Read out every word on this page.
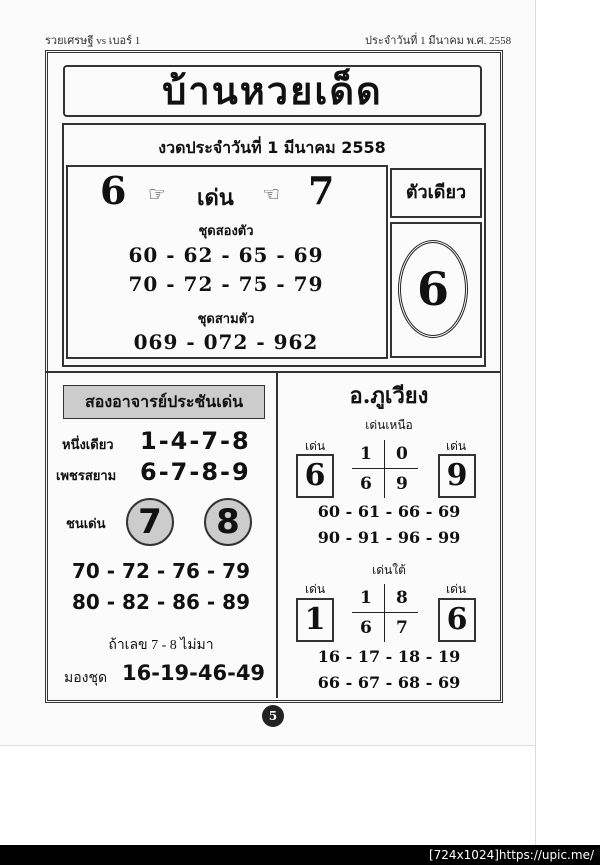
รวยเศรษฐี vs เบอร์ 1	ประจำวันที่ 1 มีนาคม พ.ศ. 2558
บ้านหวยเด็ด
งวดประจำวันที่ 1 มีนาคม 2558
6 ☞ เด่น ☞ 7
ชุดสองตัว
60 - 62 - 65 - 69
70 - 72 - 75 - 79
ชุดสามตัว
069 - 072 - 962
ตัวเดียว
6
สองอาจารย์ประชันเด่น
หนึ่งเดียว 1-4-7-8
เพชรสยาม 6-7-8-9
ชนเด่น 7	8
70 - 72 - 76 - 79
80 - 82 - 86 - 89
ถ้าเลข 7 - 8 ไม่มา
มองชุด 16-19-46-49
อ.ภูเวียง
เด่นเหนือ
เด่น	เด่น
6	9
1 0
6 9
60 - 61 - 66 - 69
90 - 91 - 96 - 99
เด่นใต้
เด่น	เด่น
1	6
1 8
6 7
16 - 17 - 18 - 19
66 - 67 - 68 - 69
5
[724x1024]https://upic.me/
